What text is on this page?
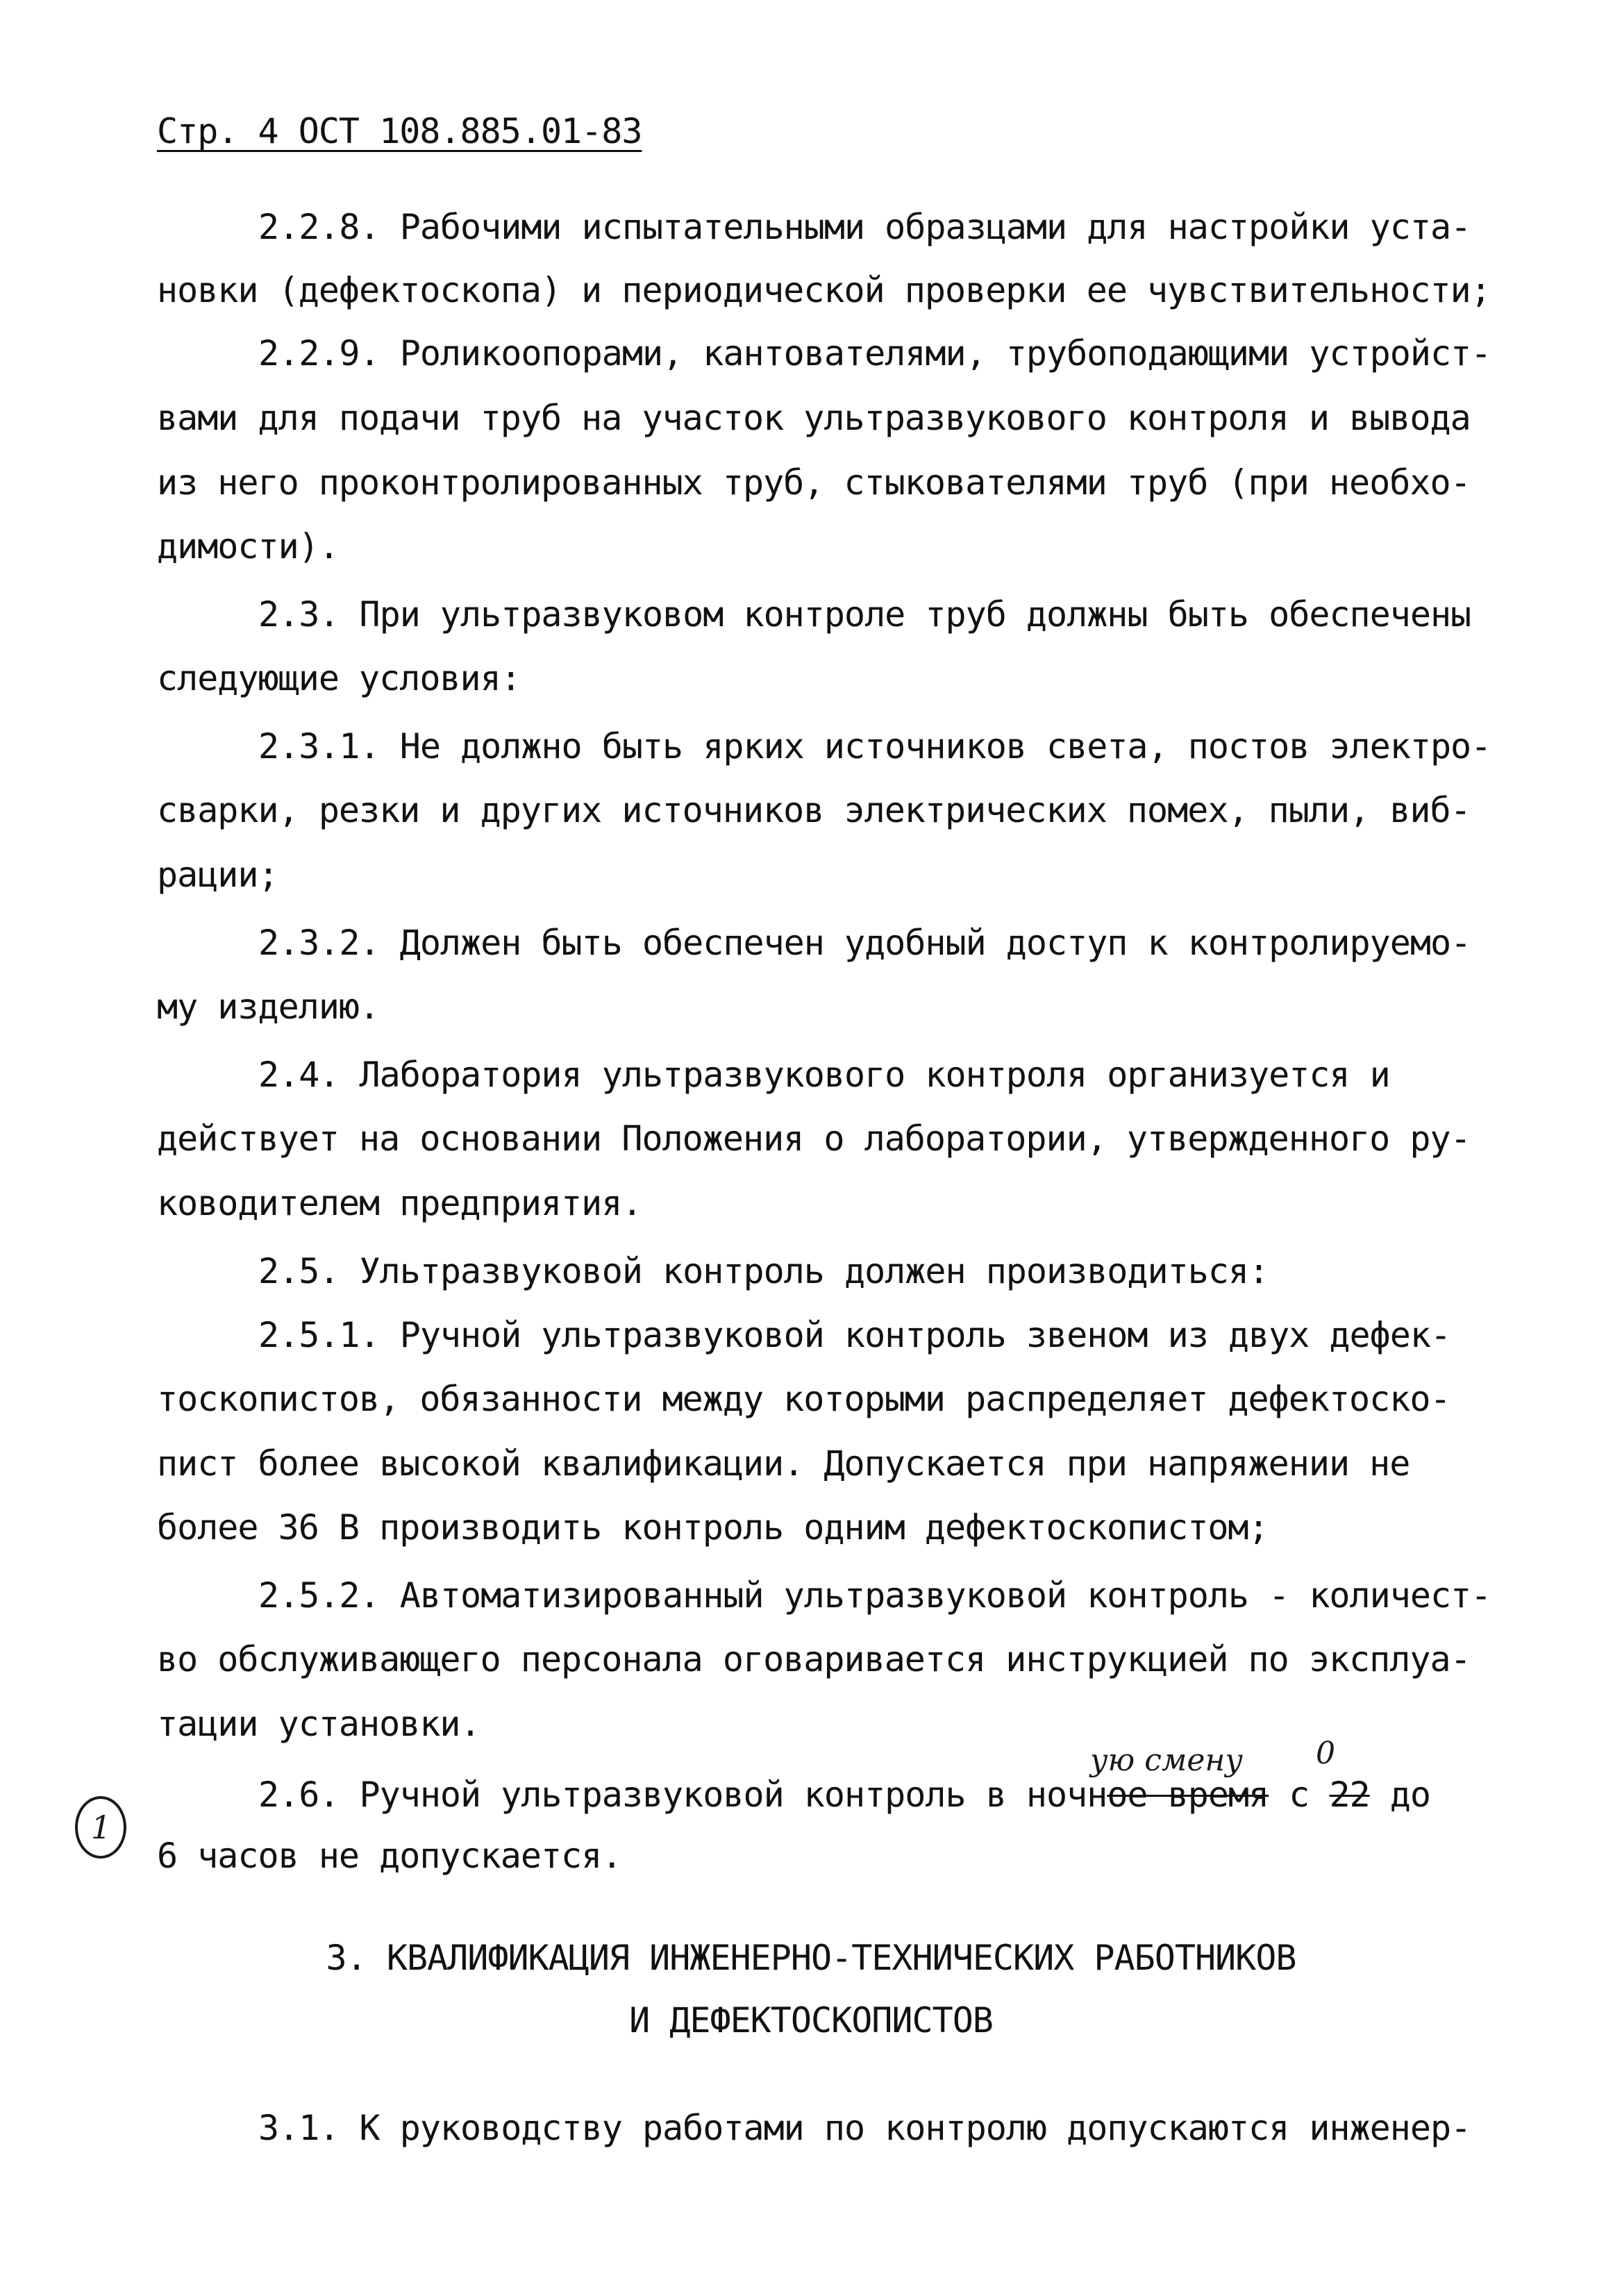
Стр. 4 ОСТ 108.885.01-83
2.2.8. Рабочими испытательными образцами для настройки уста-
новки (дефектоскопа) и периодической проверки ее чувствительности;
2.2.9. Роликоопорами, кантователями, трубоподающими устройст-
вами для подачи труб на участок ультразвукового контроля и вывода
из него проконтролированных труб, стыкователями труб (при необхо-
димости).
2.3. При ультразвуковом контроле труб должны быть обеспечены
следующие условия:
2.3.1. Не должно быть ярких источников света, постов электро-
сварки, резки и других источников электрических помех, пыли, виб-
рации;
2.3.2. Должен быть обеспечен удобный доступ к контролируемо-
му изделию.
2.4. Лаборатория ультразвукового контроля организуется и
действует на основании Положения о лаборатории, утвержденного ру-
ководителем предприятия.
2.5. Ультразвуковой контроль должен производиться:
2.5.1. Ручной ультразвуковой контроль звеном из двух дефек-
тоскопистов, обязанности между которыми распределяет дефектоско-
пист более высокой квалификации. Допускается при напряжении не
более 36 В производить контроль одним дефектоскопистом;
2.5.2. Автоматизированный ультразвуковой контроль - количест-
во обслуживающего персонала оговаривается инструкцией по эксплуа-
тации установки.
ую смену 0
1
2.6. Ручной ультразвуковой контроль в ночное время с 22 до
6 часов не допускается.
3. КВАЛИФИКАЦИЯ ИНЖЕНЕРНО-ТЕХНИЧЕСКИХ РАБОТНИКОВ
И ДЕФЕКТОСКОПИСТОВ
3.1. К руководству работами по контролю допускаются инженер-
